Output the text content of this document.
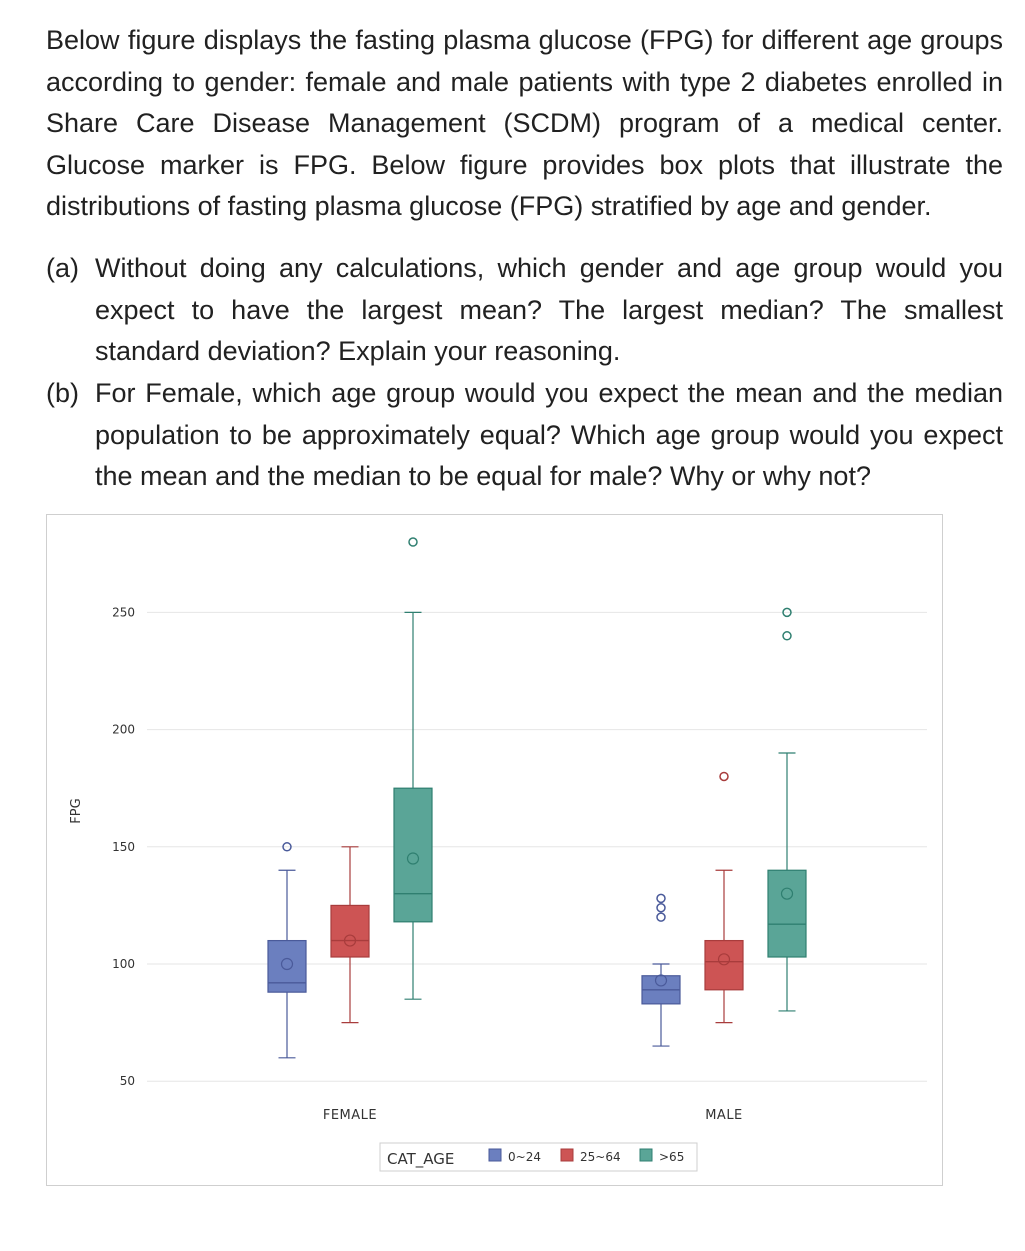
Below figure displays the fasting plasma glucose (FPG) for different age groups according to gender: female and male patients with type 2 diabetes enrolled in Share Care Disease Management (SCDM) program of a medical center. Glucose marker is FPG. Below figure provides box plots that illustrate the distributions of fasting plasma glucose (FPG) stratified by age and gender.
(a) Without doing any calculations, which gender and age group would you expect to have the largest mean? The largest median? The smallest standard deviation? Explain your reasoning.
(b) For Female, which age group would you expect the mean and the median population to be approximately equal? Which age group would you expect the mean and the median to be equal for male? Why or why not?
50
100
150
200
250
FPG
FEMALE	MALE
CAT_AGE	0~24	25~64	>65
